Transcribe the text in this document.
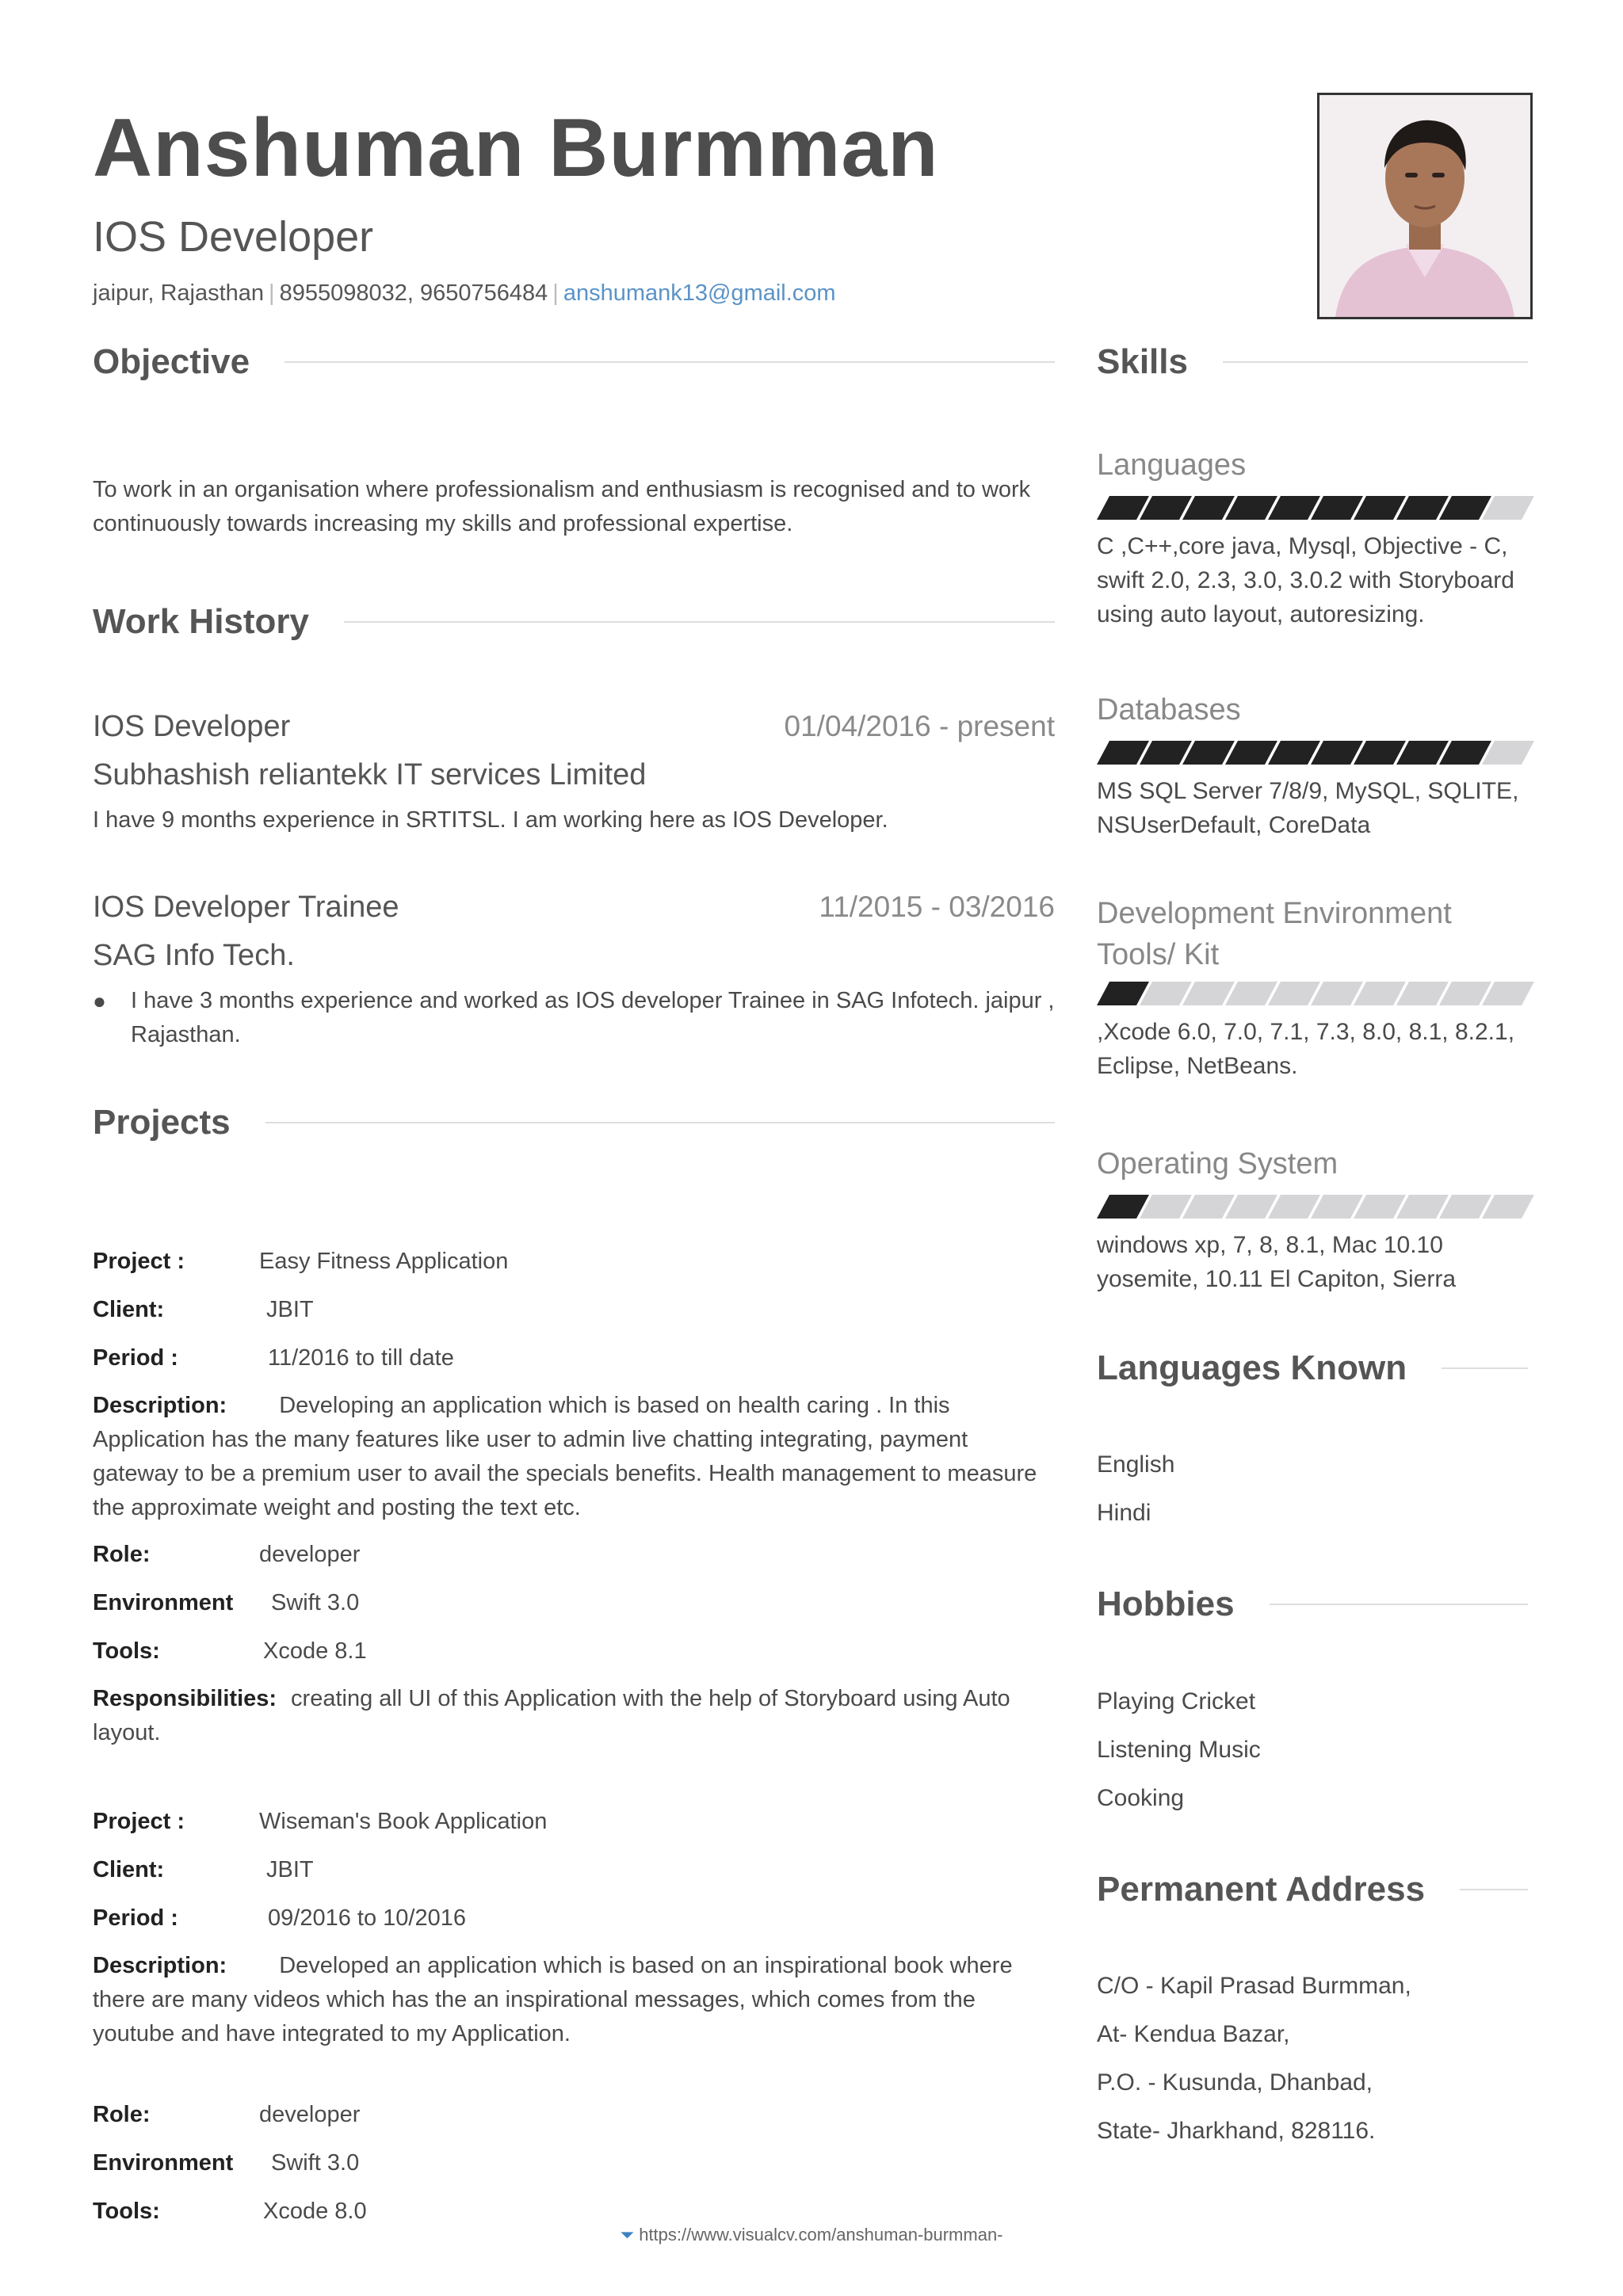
Anshuman Burmman
IOS Developer
jaipur, Rajasthan | 8955098032, 9650756484 | anshumank13@gmail.com
Objective
To work in an organisation where professionalism and enthusiasm is recognised and to work continuously towards increasing my skills and professional expertise.
Work History
IOS Developer	01/04/2016 - present
Subhashish reliantekk IT services Limited
I have 9 months experience in SRTITSL. I am working here as IOS Developer.
IOS Developer Trainee	11/2015 - 03/2016
SAG Info Tech.
●	I have 3 months experience and worked as IOS developer Trainee in SAG Infotech. jaipur , Rajasthan.
Projects
Project :	Easy Fitness Application
Client:	JBIT
Period :	11/2016 to till date
Description: Developing an application which is based on health caring . In this Application has the many features like user to admin live chatting integrating, payment gateway to be a premium user to avail the specials benefits. Health management to measure the approximate weight and posting the text etc.
Role:	developer
Environment Swift 3.0
Tools:	Xcode 8.1
Responsibilities: creating all UI of this Application with the help of Storyboard using Auto layout.
Project :	Wiseman's Book Application
Client:	JBIT
Period :	09/2016 to 10/2016
Description: Developed an application which is based on an inspirational book where there are many videos which has the an inspirational messages, which comes from the youtube and have integrated to my Application.
Role:	developer
Environment Swift 3.0
Tools:	Xcode 8.0
Skills
Languages
C ,C++,core java, Mysql, Objective - C, swift 2.0, 2.3, 3.0, 3.0.2 with Storyboard using auto layout, autoresizing.
Databases
MS SQL Server 7/8/9, MySQL, SQLITE, NSUserDefault, CoreData
Development Environment Tools/ Kit
,Xcode 6.0, 7.0, 7.1, 7.3, 8.0, 8.1, 8.2.1, Eclipse, NetBeans.
Operating System
windows xp, 7, 8, 8.1, Mac 10.10 yosemite, 10.11 El Capiton, Sierra
Languages Known
English
Hindi
Hobbies
Playing Cricket
Listening Music
Cooking
Permanent Address
C/O - Kapil Prasad Burmman,
At- Kendua Bazar,
P.O. - Kusunda, Dhanbad,
State- Jharkhand, 828116.
⏷ https://www.visualcv.com/anshuman-burmman-
